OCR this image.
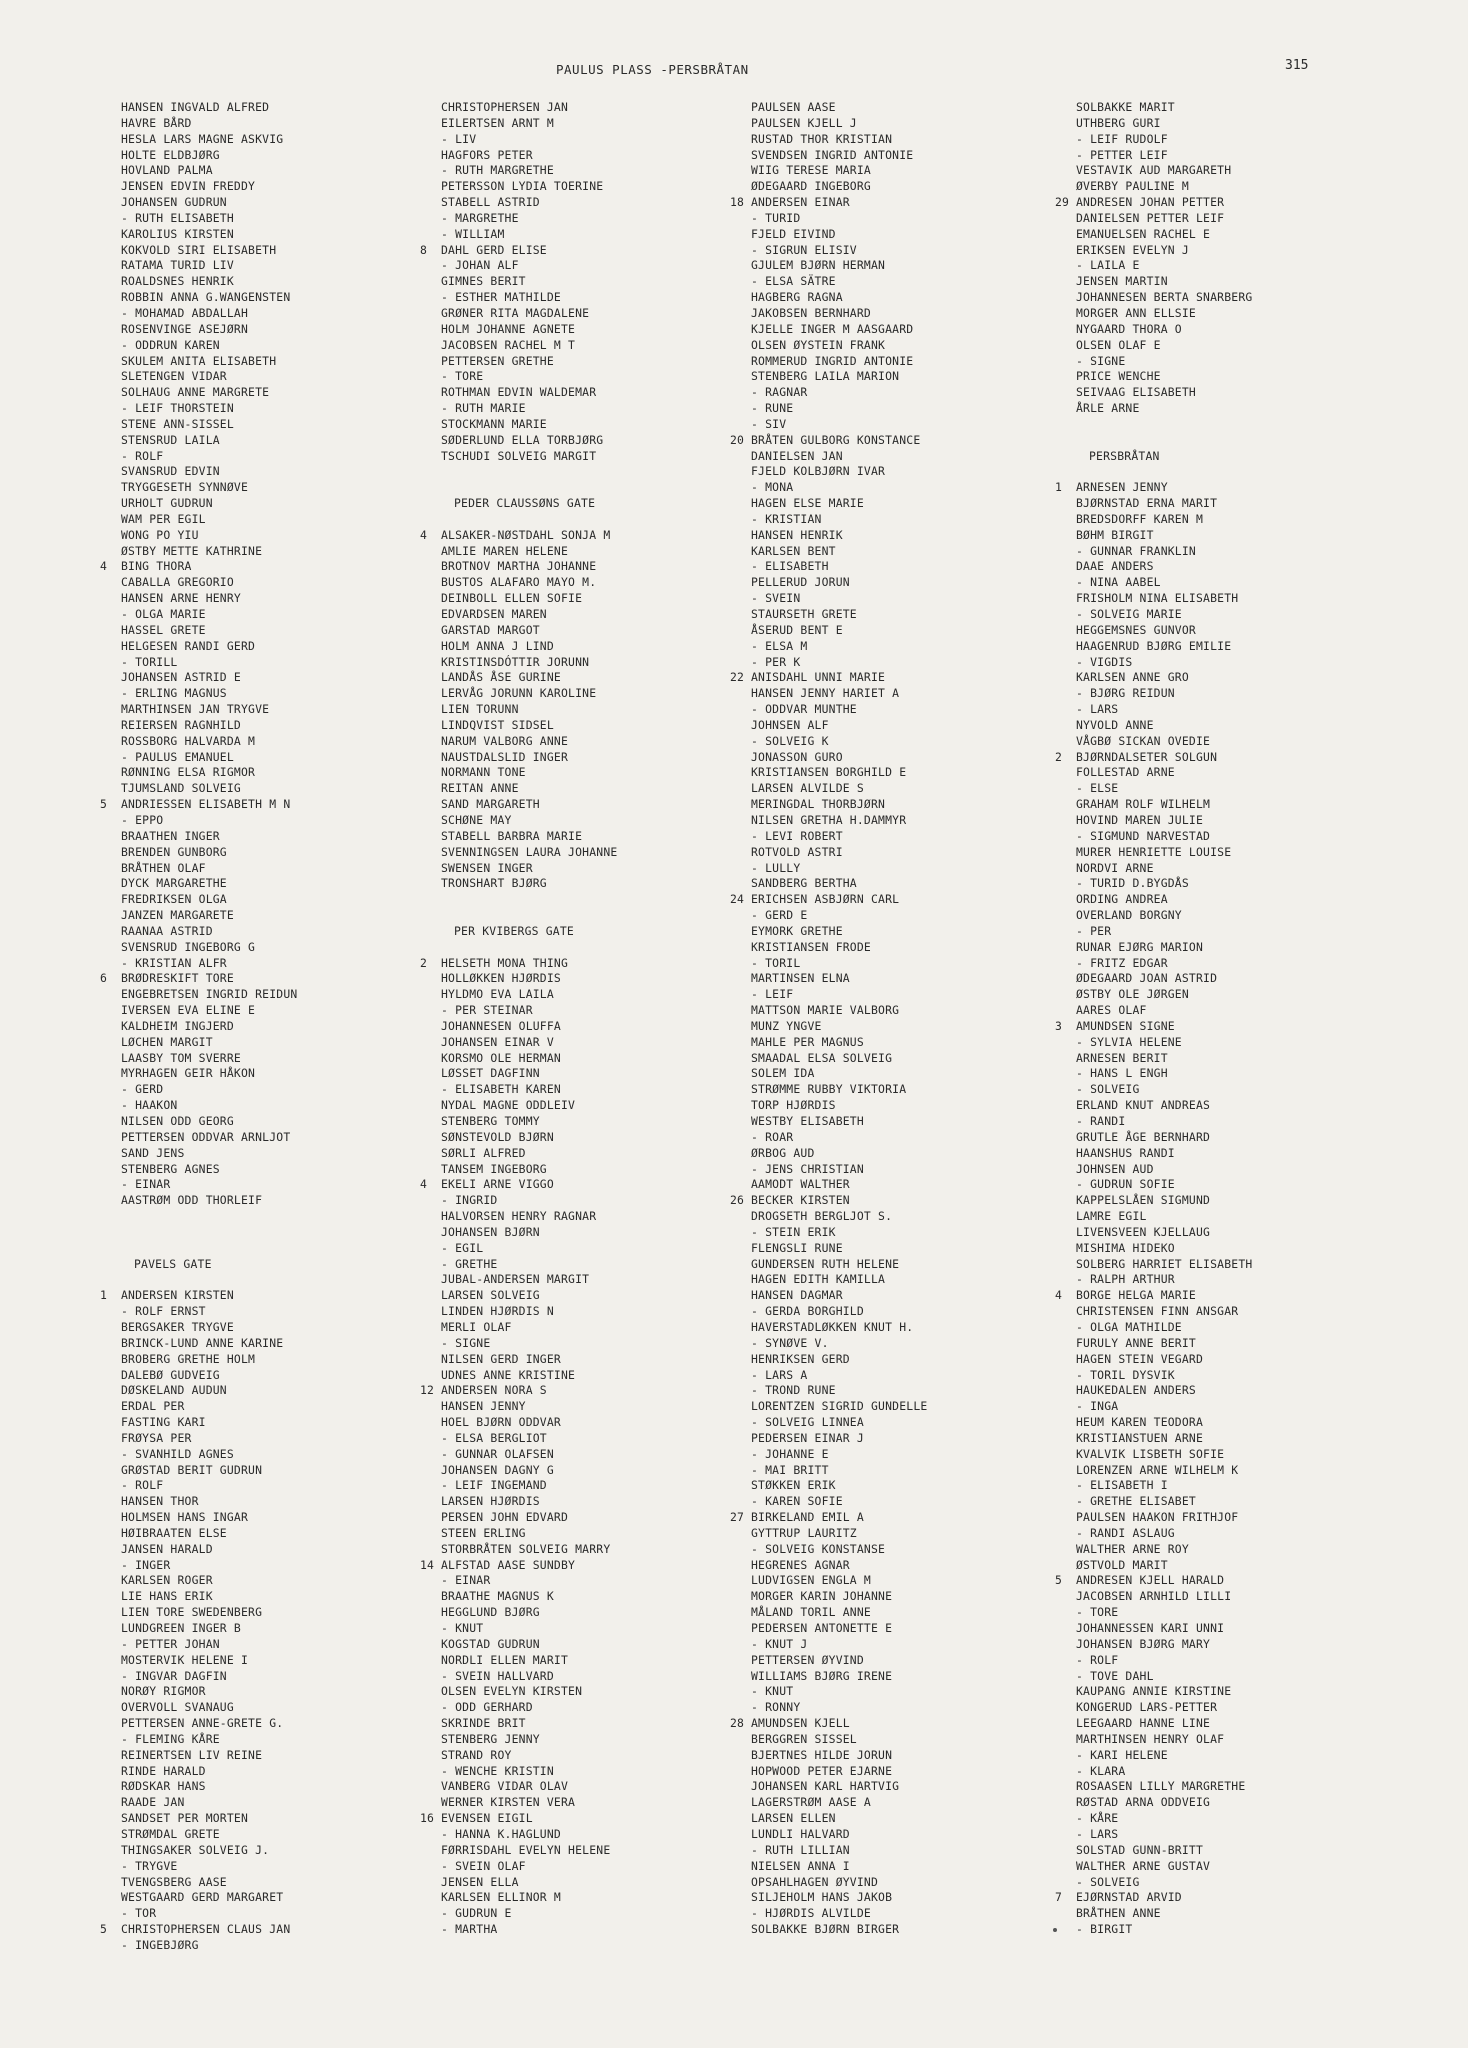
PAULUS PLASS -PERSBRÅTAN	315
HANSEN INGVALD ALFRED
HAVRE BÅRD
HESLA LARS MAGNE ASKVIG
HOLTE ELDBJØRG
HOVLAND PALMA
JENSEN EDVIN FREDDY
JOHANSEN GUDRUN
- RUTH ELISABETH
KAROLIUS KIRSTEN
KOKVOLD SIRI ELISABETH
RATAMA TURID LIV
ROALDSNES HENRIK
ROBBIN ANNA G.WANGENSTEN
- MOHAMAD ABDALLAH
ROSENVINGE ASEJØRN
- ODDRUN KAREN
SKULEM ANITA ELISABETH
SLETENGEN VIDAR
SOLHAUG ANNE MARGRETE
- LEIF THORSTEIN
STENE ANN-SISSEL
STENSRUD LAILA
- ROLF
SVANSRUD EDVIN
TRYGGESETH SYNNØVE
URHOLT GUDRUN
WAM PER EGIL
WONG PO YIU
ØSTBY METTE KATHRINE
4	BING THORA
CABALLA GREGORIO
HANSEN ARNE HENRY
- OLGA MARIE
HASSEL GRETE
HELGESEN RANDI GERD
- TORILL
JOHANSEN ASTRID E
- ERLING MAGNUS
MARTHINSEN JAN TRYGVE
REIERSEN RAGNHILD
ROSSBORG HALVARDA M
- PAULUS EMANUEL
RØNNING ELSA RIGMOR
TJUMSLAND SOLVEIG
5	ANDRIESSEN ELISABETH M N
- EPPO
BRAATHEN INGER
BRENDEN GUNBORG
BRÅTHEN OLAF
DYCK MARGARETHE
FREDRIKSEN OLGA
JANZEN MARGARETE
RAANAA ASTRID
SVENSRUD INGEBORG G
- KRISTIAN ALFR
6	BRØDRESKIFT TORE
ENGEBRETSEN INGRID REIDUN
IVERSEN EVA ELINE E
KALDHEIM INGJERD
LØCHEN MARGIT
LAASBY TOM SVERRE
MYRHAGEN GEIR HÅKON
- GERD
- HAAKON
NILSEN ODD GEORG
PETTERSEN ODDVAR ARNLJOT
SAND JENS
STENBERG AGNES
- EINAR
AASTRØM ODD THORLEIF
PAVELS GATE
1	ANDERSEN KIRSTEN
- ROLF ERNST
BERGSAKER TRYGVE
BRINCK-LUND ANNE KARINE
BROBERG GRETHE HOLM
DALEBØ GUDVEIG
DØSKELAND AUDUN
ERDAL PER
FASTING KARI
FRØYSA PER
- SVANHILD AGNES
GRØSTAD BERIT GUDRUN
- ROLF
HANSEN THOR
HOLMSEN HANS INGAR
HØIBRAATEN ELSE
JANSEN HARALD
- INGER
KARLSEN ROGER
LIE HANS ERIK
LIEN TORE SWEDENBERG
LUNDGREEN INGER B
- PETTER JOHAN
MOSTERVIK HELENE I
- INGVAR DAGFIN
NORØY RIGMOR
OVERVOLL SVANAUG
PETTERSEN ANNE-GRETE G.
- FLEMING KÅRE
REINERTSEN LIV REINE
RINDE HARALD
RØDSKAR HANS
RAADE JAN
SANDSET PER MORTEN
STRØMDAL GRETE
THINGSAKER SOLVEIG J.
- TRYGVE
TVENGSBERG AASE
WESTGAARD GERD MARGARET
- TOR
5	CHRISTOPHERSEN CLAUS JAN
- INGEBJØRG
CHRISTOPHERSEN JAN
EILERTSEN ARNT M
- LIV
HAGFORS PETER
- RUTH MARGRETHE
PETERSSON LYDIA TOERINE
STABELL ASTRID
- MARGRETHE
- WILLIAM
8	DAHL GERD ELISE
- JOHAN ALF
GIMNES BERIT
- ESTHER MATHILDE
GRØNER RITA MAGDALENE
HOLM JOHANNE AGNETE
JACOBSEN RACHEL M T
PETTERSEN GRETHE
- TORE
ROTHMAN EDVIN WALDEMAR
- RUTH MARIE
STOCKMANN MARIE
SØDERLUND ELLA TORBJØRG
TSCHUDI SOLVEIG MARGIT
PEDER CLAUSSØNS GATE
4	ALSAKER-NØSTDAHL SONJA M
AMLIE MAREN HELENE
BROTNOV MARTHA JOHANNE
BUSTOS ALAFARO MAYO M.
DEINBOLL ELLEN SOFIE
EDVARDSEN MAREN
GARSTAD MARGOT
HOLM ANNA J LIND
KRISTINSDÓTTIR JORUNN
LANDÅS ÅSE GURINE
LERVÅG JORUNN KAROLINE
LIEN TORUNN
LINDQVIST SIDSEL
NARUM VALBORG ANNE
NAUSTDALSLID INGER
NORMANN TONE
REITAN ANNE
SAND MARGARETH
SCHØNE MAY
STABELL BARBRA MARIE
SVENNINGSEN LAURA JOHANNE
SWENSEN INGER
TRONSHART BJØRG
PER KVIBERGS GATE
2	HELSETH MONA THING
HOLLØKKEN HJØRDIS
HYLDMO EVA LAILA
- PER STEINAR
JOHANNESEN OLUFFA
JOHANSEN EINAR V
KORSMO OLE HERMAN
LØSSET DAGFINN
- ELISABETH KAREN
NYDAL MAGNE ODDLEIV
STENBERG TOMMY
SØNSTEVOLD BJØRN
SØRLI ALFRED
TANSEM INGEBORG
4	EKELI ARNE VIGGO
- INGRID
HALVORSEN HENRY RAGNAR
JOHANSEN BJØRN
- EGIL
- GRETHE
JUBAL-ANDERSEN MARGIT
LARSEN SOLVEIG
LINDEN HJØRDIS N
MERLI OLAF
- SIGNE
NILSEN GERD INGER
UDNES ANNE KRISTINE
12 ANDERSEN NORA S
HANSEN JENNY
HOEL BJØRN ODDVAR
- ELSA BERGLIOT
- GUNNAR OLAFSEN
JOHANSEN DAGNY G
- LEIF INGEMAND
LARSEN HJØRDIS
PERSEN JOHN EDVARD
STEEN ERLING
STORBRÅTEN SOLVEIG MARRY
14 ALFSTAD AASE SUNDBY
- EINAR
BRAATHE MAGNUS K
HEGGLUND BJØRG
- KNUT
KOGSTAD GUDRUN
NORDLI ELLEN MARIT
- SVEIN HALLVARD
OLSEN EVELYN KIRSTEN
- ODD GERHARD
SKRINDE BRIT
STENBERG JENNY
STRAND ROY
- WENCHE KRISTIN
VANBERG VIDAR OLAV
WERNER KIRSTEN VERA
16 EVENSEN EIGIL
- HANNA K.HAGLUND
FØRRISDAHL EVELYN HELENE
- SVEIN OLAF
JENSEN ELLA
KARLSEN ELLINOR M
- GUDRUN E
- MARTHA
PAULSEN AASE
PAULSEN KJELL J
RUSTAD THOR KRISTIAN
SVENDSEN INGRID ANTONIE
WIIG TERESE MARIA
ØDEGAARD INGEBORG
18 ANDERSEN EINAR
- TURID
FJELD EIVIND
- SIGRUN ELISIV
GJULEM BJØRN HERMAN
- ELSA SÄTRE
HAGBERG RAGNA
JAKOBSEN BERNHARD
KJELLE INGER M AASGAARD
OLSEN ØYSTEIN FRANK
ROMMERUD INGRID ANTONIE
STENBERG LAILA MARION
- RAGNAR
- RUNE
- SIV
20 BRÅTEN GULBORG KONSTANCE
DANIELSEN JAN
FJELD KOLBJØRN IVAR
- MONA
HAGEN ELSE MARIE
- KRISTIAN
HANSEN HENRIK
KARLSEN BENT
- ELISABETH
PELLERUD JORUN
- SVEIN
STAURSETH GRETE
ÅSERUD BENT E
- ELSA M
- PER K
22 ANISDAHL UNNI MARIE
HANSEN JENNY HARIET A
- ODDVAR MUNTHE
JOHNSEN ALF
- SOLVEIG K
JONASSON GURO
KRISTIANSEN BORGHILD E
LARSEN ALVILDE S
MERINGDAL THORBJØRN
NILSEN GRETHA H.DAMMYR
- LEVI ROBERT
ROTVOLD ASTRI
- LULLY
SANDBERG BERTHA
24 ERICHSEN ASBJØRN CARL
- GERD E
EYMORK GRETHE
KRISTIANSEN FRODE
- TORIL
MARTINSEN ELNA
- LEIF
MATTSON MARIE VALBORG
MUNZ YNGVE
MAHLE PER MAGNUS
SMAADAL ELSA SOLVEIG
SOLEM IDA
STRØMME RUBBY VIKTORIA
TORP HJØRDIS
WESTBY ELISABETH
- ROAR
ØRBOG AUD
- JENS CHRISTIAN
AAMODT WALTHER
26 BECKER KIRSTEN
DROGSETH BERGLJOT S.
- STEIN ERIK
FLENGSLI RUNE
GUNDERSEN RUTH HELENE
HAGEN EDITH KAMILLA
HANSEN DAGMAR
- GERDA BORGHILD
HAVERSTADLØKKEN KNUT H.
- SYNØVE V.
HENRIKSEN GERD
- LARS A
- TROND RUNE
LORENTZEN SIGRID GUNDELLE
- SOLVEIG LINNEA
PEDERSEN EINAR J
- JOHANNE E
- MAI BRITT
STØKKEN ERIK
- KAREN SOFIE
27 BIRKELAND EMIL A
GYTTRUP LAURITZ
- SOLVEIG KONSTANSE
HEGRENES AGNAR
LUDVIGSEN ENGLA M
MORGER KARIN JOHANNE
MÅLAND TORIL ANNE
PEDERSEN ANTONETTE E
- KNUT J
PETTERSEN ØYVIND
WILLIAMS BJØRG IRENE
- KNUT
- RONNY
28 AMUNDSEN KJELL
BERGGREN SISSEL
BJERTNES HILDE JORUN
HOPWOOD PETER EJARNE
JOHANSEN KARL HARTVIG
LAGERSTRØM AASE A
LARSEN ELLEN
LUNDLI HALVARD
- RUTH LILLIAN
NIELSEN ANNA I
OPSAHLHAGEN ØYVIND
SILJEHOLM HANS JAKOB
- HJØRDIS ALVILDE
SOLBAKKE BJØRN BIRGER
SOLBAKKE MARIT
UTHBERG GURI
- LEIF RUDOLF
- PETTER LEIF
VESTAVIK AUD MARGARETH
ØVERBY PAULINE M
29 ANDRESEN JOHAN PETTER
DANIELSEN PETTER LEIF
EMANUELSEN RACHEL E
ERIKSEN EVELYN J
- LAILA E
JENSEN MARTIN
JOHANNESEN BERTA SNARBERG
MORGER ANN ELLSIE
NYGAARD THORA O
OLSEN OLAF E
- SIGNE
PRICE WENCHE
SEIVAAG ELISABETH
ÅRLE ARNE
PERSBRÅTAN
1	ARNESEN JENNY
BJØRNSTAD ERNA MARIT
BREDSDORFF KAREN M
BØHM BIRGIT
- GUNNAR FRANKLIN
DAAE ANDERS
- NINA AABEL
FRISHOLM NINA ELISABETH
- SOLVEIG MARIE
HEGGEMSNES GUNVOR
HAAGENRUD BJØRG EMILIE
- VIGDIS
KARLSEN ANNE GRO
- BJØRG REIDUN
- LARS
NYVOLD ANNE
VÅGBØ SICKAN OVEDIE
2	BJØRNDALSETER SOLGUN
FOLLESTAD ARNE
- ELSE
GRAHAM ROLF WILHELM
HOVIND MAREN JULIE
- SIGMUND NARVESTAD
MURER HENRIETTE LOUISE
NORDVI ARNE
- TURID D.BYGDÅS
ORDING ANDREA
OVERLAND BORGNY
- PER
RUNAR EJØRG MARION
- FRITZ EDGAR
ØDEGAARD JOAN ASTRID
ØSTBY OLE JØRGEN
AARES OLAF
3	AMUNDSEN SIGNE
- SYLVIA HELENE
ARNESEN BERIT
- HANS L ENGH
- SOLVEIG
ERLAND KNUT ANDREAS
- RANDI
GRUTLE ÅGE BERNHARD
HAANSHUS RANDI
JOHNSEN AUD
- GUDRUN SOFIE
KAPPELSLÅEN SIGMUND
LAMRE EGIL
LIVENSVEEN KJELLAUG
MISHIMA HIDEKO
SOLBERG HARRIET ELISABETH
- RALPH ARTHUR
4	BORGE HELGA MARIE
CHRISTENSEN FINN ANSGAR
- OLGA MATHILDE
FURULY ANNE BERIT
HAGEN STEIN VEGARD
- TORIL DYSVIK
HAUKEDALEN ANDERS
- INGA
HEUM KAREN TEODORA
KRISTIANSTUEN ARNE
KVALVIK LISBETH SOFIE
LORENZEN ARNE WILHELM K
- ELISABETH I
- GRETHE ELISABET
PAULSEN HAAKON FRITHJOF
- RANDI ASLAUG
WALTHER ARNE ROY
ØSTVOLD MARIT
5	ANDRESEN KJELL HARALD
JACOBSEN ARNHILD LILLI
- TORE
JOHANNESSEN KARI UNNI
JOHANSEN BJØRG MARY
- ROLF
- TOVE DAHL
KAUPANG ANNIE KIRSTINE
KONGERUD LARS-PETTER
LEEGAARD HANNE LINE
MARTHINSEN HENRY OLAF
- KARI HELENE
- KLARA
ROSAASEN LILLY MARGRETHE
RØSTAD ARNA ODDVEIG
- KÅRE
- LARS
SOLSTAD GUNN-BRITT
WALTHER ARNE GUSTAV
- SOLVEIG
7	EJØRNSTAD ARVID
BRÅTHEN ANNE
- BIRGIT
